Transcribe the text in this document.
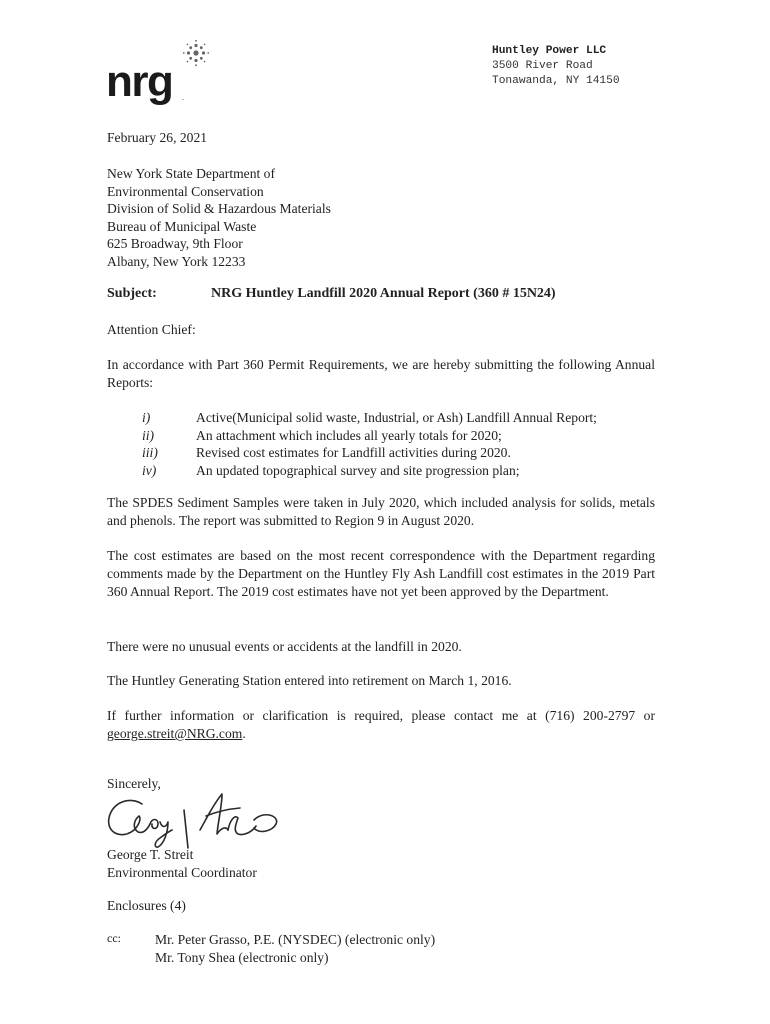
nrg .
Huntley Power LLC
3500 River Road
Tonawanda, NY 14150
February 26, 2021
New York State Department of
Environmental Conservation
Division of Solid & Hazardous Materials
Bureau of Municipal Waste
625 Broadway, 9th Floor
Albany, New York 12233
Subject:	NRG Huntley Landfill 2020 Annual Report (360 # 15N24)
Attention Chief:
In accordance with Part 360 Permit Requirements, we are hereby submitting the following Annual Reports:
i)	Active(Municipal solid waste, Industrial, or Ash) Landfill Annual Report;
ii)	An attachment which includes all yearly totals for 2020;
iii)	Revised cost estimates for Landfill activities during 2020.
iv)	An updated topographical survey and site progression plan;
The SPDES Sediment Samples were taken in July 2020, which included analysis for solids, metals and phenols. The report was submitted to Region 9 in August 2020.
The cost estimates are based on the most recent correspondence with the Department regarding comments made by the Department on the Huntley Fly Ash Landfill cost estimates in the 2019 Part 360 Annual Report. The 2019 cost estimates have not yet been approved by the Department.
There were no unusual events or accidents at the landfill in 2020.
The Huntley Generating Station entered into retirement on March 1, 2016.
If further information or clarification is required, please contact me at (716) 200-2797 or george.streit@NRG.com.
Sincerely,
George T. Streit
Environmental Coordinator
Enclosures (4)
cc:	Mr. Peter Grasso, P.E. (NYSDEC) (electronic only)
Mr. Tony Shea (electronic only)
